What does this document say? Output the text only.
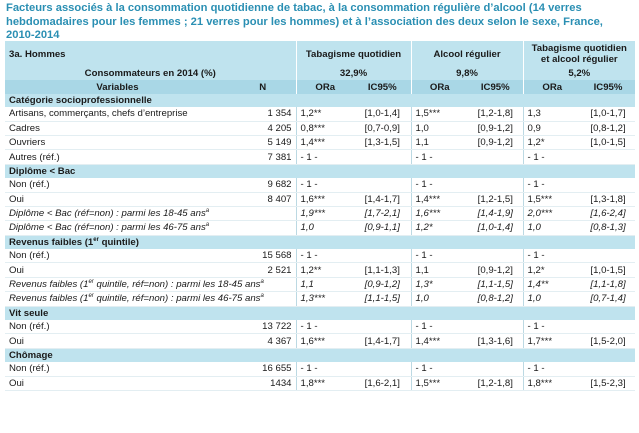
Facteurs associés à la consommation quotidienne de tabac, à la consommation régulière d’alcool (14 verres hebdomadaires pour les femmes ; 21 verres pour les hommes) et à l’association des deux selon le sexe, France, 2010-2014
3a. Hommes		Tabagisme quotidien		Alcool régulier		Tabagisme quotidien et alcool régulier	
Consommateurs en 2014 (%)		32,9%		9,8%		5,2%	
Variables	N	ORa	IC95%	ORa	IC95%	ORa	IC95%
Catégorie socioprofessionnelle							
Artisans, commerçants, chefs d’entreprise	1 354	1,2**	[1,0-1,4]	1,5***	[1,2-1,8]	1,3	[1,0-1,7]
Cadres	4 205	0,8***	[0,7-0,9]	1,0	[0,9-1,2]	0,9	[0,8-1,2]
Ouvriers	5 149	1,4***	[1,3-1,5]	1,1	[0,9-1,2]	1,2*	[1,0-1,5]
Autres (réf.)	7 381	- 1 -		- 1 -		- 1 -	
Diplôme < Bac							
Non (réf.)	9 682	- 1 -		- 1 -		- 1 -	
Oui	8 407	1,6***	[1,4-1,7]	1,4***	[1,2-1,5]	1,5***	[1,3-1,8]
Diplôme < Bac (réf=non) : parmi les 18-45 ans$^a$		1,9***	[1,7-2,1]	1,6***	[1,4-1,9]	2,0***	[1,6-2,4]
Diplôme < Bac (réf=non) : parmi les 46-75 ans$^a$		1,0	[0,9-1,1]	1,2*	[1,0-1,4]	1,0	[0,8-1,3]
Revenus faibles (1er quintile)							
Non (réf.)	15 568	- 1 -		- 1 -		- 1 -	
Oui	2 521	1,2**	[1,1-1,3]	1,1	[0,9-1,2]	1,2*	[1,0-1,5]
Revenus faibles (1er quintile, réf=non) : parmi les 18-45 ans$^a$		1,1	[0,9-1,2]	1,3*	[1,1-1,5]	1,4**	[1,1-1,8]
Revenus faibles (1er quintile, réf=non) : parmi les 46-75 ans$^a$		1,3***	[1,1-1,5]	1,0	[0,8-1,2]	1,0	[0,7-1,4]
Vit seule							
Non (réf.)	13 722	- 1 -		- 1 -		- 1 -	
Oui	4 367	1,6***	[1,4-1,7]	1,4***	[1,3-1,6]	1,7***	[1,5-2,0]
Chômage							
Non (réf.)	16 655	- 1 -		- 1 -		- 1 -	
Oui	1434	1,8***	[1,6-2,1]	1,5***	[1,2-1,8]	1,8***	[1,5-2,3]
